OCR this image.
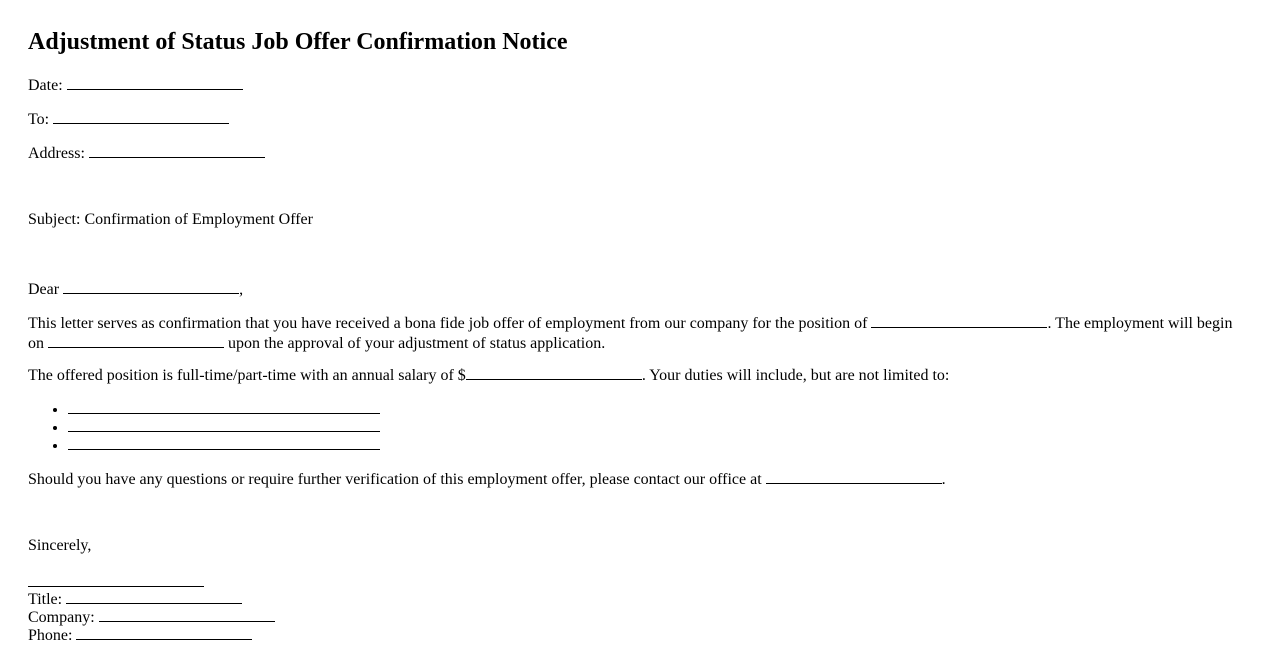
Adjustment of Status Job Offer Confirmation Notice
Date:
To:
Address:
Subject: Confirmation of Employment Offer
Dear	,
This letter serves as confirmation that you have received a bona fide job offer of employment from our company for the position of	. The employment will begin on	upon the approval of your adjustment of status application.
The offered position is full-time/part-time with an annual salary of $	. Your duties will include, but are not limited to:
•
•
•
Should you have any questions or require further verification of this employment offer, please contact our office at	.
Sincerely,
Title:
Company:
Phone:
